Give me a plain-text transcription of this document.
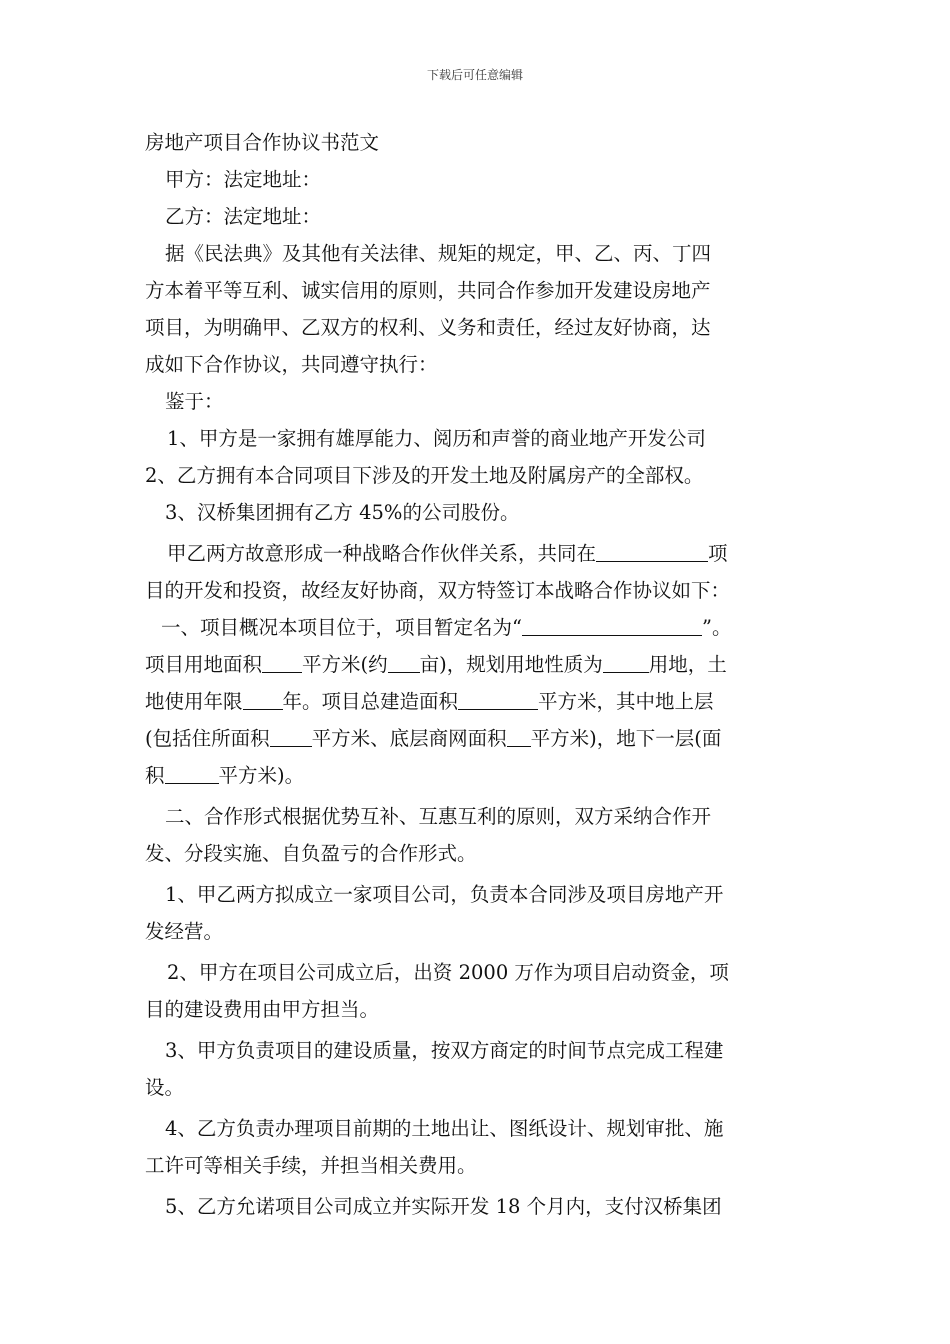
下载后可任意编辑
房地产项目合作协议书范文
甲方：法定地址：
乙方：法定地址：
据《民法典》及其他有关法律、规矩的规定，甲、乙、丙、丁四
方本着平等互利、诚实信用的原则，共同合作参加开发建设房地产
项目，为明确甲、乙双方的权利、义务和责任，经过友好协商，达
成如下合作协议，共同遵守执行：
鉴于：
1、甲方是一家拥有雄厚能力、阅历和声誉的商业地产开发公司
2、乙方拥有本合同项目下涉及的开发土地及附属房产的全部权。
3、汉桥集团拥有乙方 45%的公司股份。
甲乙两方故意形成一种战略合作伙伴关系，共同在	项
目的开发和投资，故经友好协商，双方特签订本战略合作协议如下：
一、项目概况本项目位于，项目暂定名为“	”。
项目用地面积 平方米(约 亩)，规划用地性质为 用地，土
地使用年限 年。项目总建造面积	平方米，其中地上层
(包括住所面积 平方米、底层商网面积 平方米)，地下一层(面
积	平方米)。
二、合作形式根据优势互补、互惠互利的原则，双方采纳合作开
发、分段实施、自负盈亏的合作形式。
1、甲乙两方拟成立一家项目公司，负责本合同涉及项目房地产开
发经营。
2、甲方在项目公司成立后，出资 2000 万作为项目启动资金，项
目的建设费用由甲方担当。
3、甲方负责项目的建设质量，按双方商定的时间节点完成工程建
设。
4、乙方负责办理项目前期的土地出让、图纸设计、规划审批、施
工许可等相关手续，并担当相关费用。
5、乙方允诺项目公司成立并实际开发 18 个月内，支付汉桥集团
